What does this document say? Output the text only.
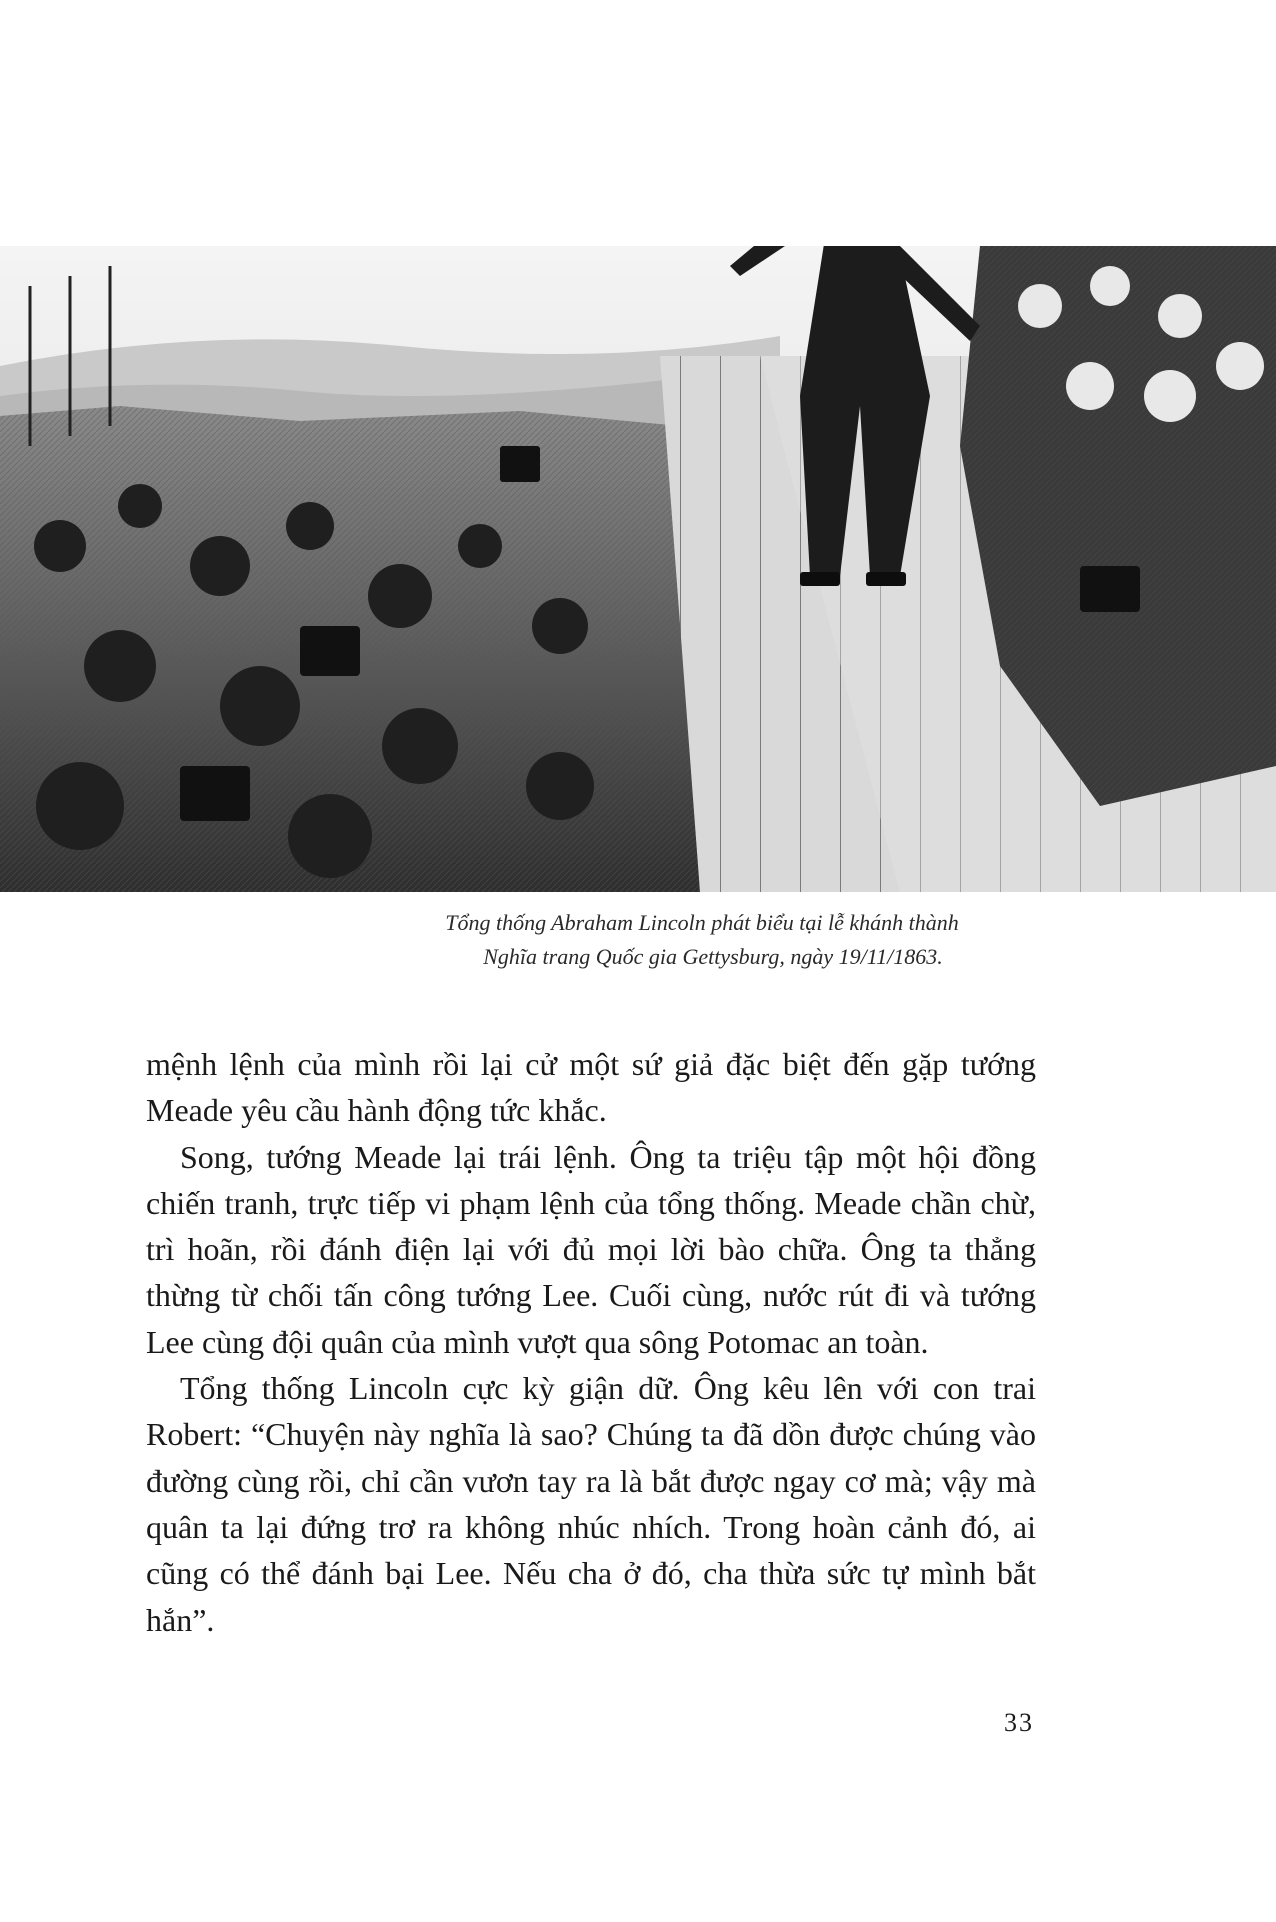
Tổng thống Abraham Lincoln phát biểu tại lễ khánh thành

Nghĩa trang Quốc gia Gettysburg, ngày 19/11/1863.

mệnh lệnh của mình rồi lại cử một sứ giả đặc biệt đến gặp tướng Meade yêu cầu hành động tức khắc.

Song, tướng Meade lại trái lệnh. Ông ta triệu tập một hội đồng chiến tranh, trực tiếp vi phạm lệnh của tổng thống. Meade chần chừ, trì hoãn, rồi đánh điện lại với đủ mọi lời bào chữa. Ông ta thẳng thừng từ chối tấn công tướng Lee. Cuối cùng, nước rút đi và tướng Lee cùng đội quân của mình vượt qua sông Potomac an toàn.

Tổng thống Lincoln cực kỳ giận dữ. Ông kêu lên với con trai Robert: “Chuyện này nghĩa là sao? Chúng ta đã dồn được chúng vào đường cùng rồi, chỉ cần vươn tay ra là bắt được ngay cơ mà; vậy mà quân ta lại đứng trơ ra không nhúc nhích. Trong hoàn cảnh đó, ai cũng có thể đánh bại Lee. Nếu cha ở đó, cha thừa sức tự mình bắt hắn”.

33
